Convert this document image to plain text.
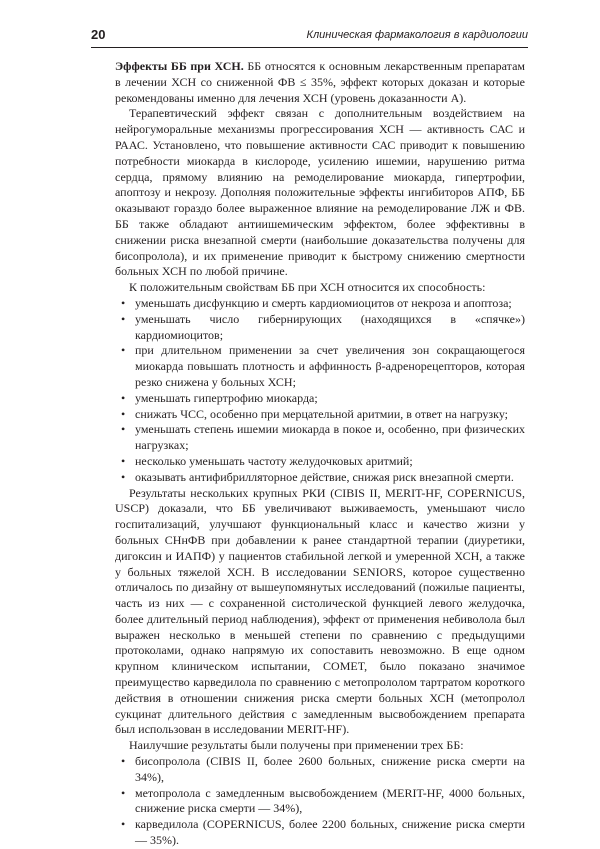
20	Клиническая фармакология в кардиологии

Эффекты ББ при ХСН. ББ относятся к основным лекарственным препаратам в лечении ХСН со сниженной ФВ ≤ 35%, эффект которых доказан и которые рекомендованы именно для лечения ХСН (уровень доказанности А).

Терапевтический эффект связан с дополнительным воздействием на нейрогуморальные механизмы прогрессирования ХСН — активность САС и РААС. Установлено, что повышение активности САС приводит к повышению потребности миокарда в кислороде, усилению ишемии, нарушению ритма сердца, прямому влиянию на ремоделирование миокарда, гипертрофии, апоптозу и некрозу. Дополняя положительные эффекты ингибиторов АПФ, ББ оказывают гораздо более выраженное влияние на ремоделирование ЛЖ и ФВ. ББ также обладают антиишемическим эффектом, более эффективны в снижении риска внезапной смерти (наибольшие доказательства получены для бисопролола), и их применение приводит к быстрому снижению смертности больных ХСН по любой причине.

К положительным свойствам ББ при ХСН относится их способность:

• уменьшать дисфункцию и смерть кардиомиоцитов от некроза и апоптоза;
• уменьшать число гибернирующих (находящихся в «спячке») кардиомиоцитов;
• при длительном применении за счет увеличения зон сокращающегося миокарда повышать плотность и аффинность β-адренорецепторов, которая резко снижена у больных ХСН;
• уменьшать гипертрофию миокарда;
• снижать ЧСС, особенно при мерцательной аритмии, в ответ на нагрузку;
• уменьшать степень ишемии миокарда в покое и, особенно, при физических нагрузках;
• несколько уменьшать частоту желудочковых аритмий;
• оказывать антифибрилляторное действие, снижая риск внезапной смерти.

Результаты нескольких крупных РКИ (CIBIS II, MERIT-HF, COPERNICUS, USCP) доказали, что ББ увеличивают выживаемость, уменьшают число госпитализаций, улучшают функциональный класс и качество жизни у больных СНнФВ при добавлении к ранее стандартной терапии (диуретики, дигоксин и ИАПФ) у пациентов стабильной легкой и умеренной ХСН, а также у больных тяжелой ХСН. В исследовании SENIORS, которое существенно отличалось по дизайну от вышеупомянутых исследований (пожилые пациенты, часть из них — с сохраненной систолической функцией левого желудочка, более длительный период наблюдения), эффект от применения небиволола был выражен несколько в меньшей степени по сравнению с предыдущими протоколами, однако напрямую их сопоставить невозможно. В еще одном крупном клиническом испытании, COMET, было показано значимое преимущество карведилола по сравнению с метопрололом тартратом короткого действия в отношении снижения риска смерти больных ХСН (метопролол сукцинат длительного действия с замедленным высвобождением препарата был использован в исследовании MERIT-HF).

Наилучшие результаты были получены при применении трех ББ:

• бисопролола (CIBIS II, более 2600 больных, снижение риска смерти на 34%),
• метопролола с замедленным высвобождением (MERIT-HF, 4000 больных, снижение риска смерти — 34%),
• карведилола (COPERNICUS, более 2200 больных, снижение риска смерти — 35%).
